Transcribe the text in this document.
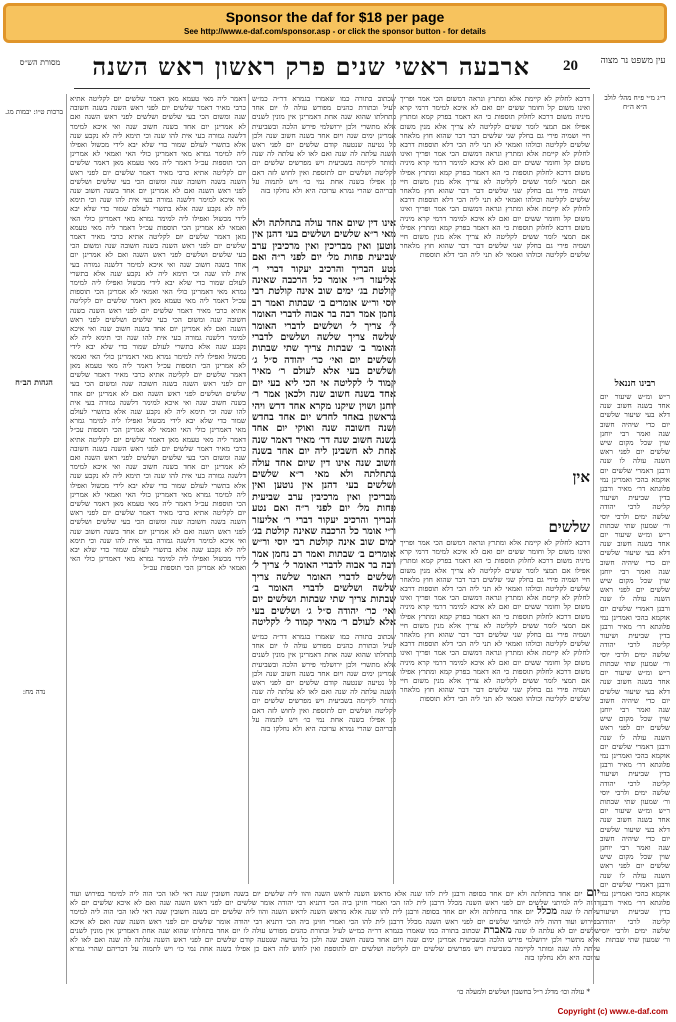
Sponsor the daf for $18 per page
See http://www.e-daf.com/sponsor.asp - or click the sponsor button - for details
עין משפט נר מצוה
20
ארבעה ראשי שנים פרק ראשון ראש השנה
מסורת הש״ס
ר״ג מ״י פ״ח מהל׳ לולב ה״א ה״ח
רבינו חננאל
ר״ש ומ״ש שיעור יום אחד בשנה חשוב שנה דלא בעי שיעור שלשים יום כדי שיהיה חשוב שנה ואמר רבי יוחנן שוין שכל מקום שיש שלשים יום לפני ראש השנה עולה לו שנה ורבנן דאמרי שלשים יום אוקמא בהכי ואמרינן נמי פלוגתא דר׳ מאיר ורבנן בדין שביעית ושיעור קליטה לרבי יהודה שלשה ימים ולרבי יוסי ור׳ שמעון שתי שבתות ר״ש ומ״ש שיעור יום אחד בשנה חשוב שנה דלא בעי שיעור שלשים יום כדי שיהיה חשוב שנה ואמר רבי יוחנן שוין שכל מקום שיש שלשים יום לפני ראש השנה עולה לו שנה ורבנן דאמרי שלשים יום אוקמא בהכי ואמרינן נמי פלוגתא דר׳ מאיר ורבנן בדין שביעית ושיעור קליטה לרבי יהודה שלשה ימים ולרבי יוסי ור׳ שמעון שתי שבתות ר״ש ומ״ש שיעור יום אחד בשנה חשוב שנה דלא בעי שיעור שלשים יום כדי שיהיה חשוב שנה ואמר רבי יוחנן שוין שכל מקום שיש שלשים יום לפני ראש השנה עולה לו שנה ורבנן דאמרי שלשים יום אוקמא בהכי ואמרינן נמי פלוגתא דר׳ מאיר ורבנן בדין שביעית ושיעור קליטה לרבי יהודה שלשה ימים ולרבי יוסי ור׳ שמעון שתי שבתות ר״ש ומ״ש שיעור יום אחד בשנה חשוב שנה דלא בעי שיעור שלשים יום כדי שיהיה חשוב שנה ואמר רבי יוחנן שוין שכל מקום שיש שלשים יום לפני ראש השנה עולה לו שנה ורבנן דאמרי שלשים יום אוקמא בהכי ואמרינן נמי פלוגתא דר׳ מאיר ורבנן בדין שביעית ושיעור קליטה לרבי יהודה שלשה ימים ולרבי יוסי ור׳ שמעון שתי שבתות
ברכות ט״ו: יבמות מג.
הגהות הב״ח
נדה מח:
דרבא לחלוק לא קיימת אלא ומתרץ ונראה דמשום הכי אמר ופריך ואינו משום קל וחומר ששים יום ואם לא איכא למימר דרמי קרא מיניה משום דרכא לחלוק תוספות כי הא דאמר בפרק קמא ומתרץ אפילו אם תמצי לומר ששים לקליטה לא צריך אלא מנין משום חיי ושמיה פירי גם בחלק שני שלשים דבר דבר שהוא חוץ מלאחר שלשים לקליטה וכולהו ואמאי לא תני ליה הכי דלא תוספות דרבא לחלוק לא קיימת אלא ומתרץ ונראה דמשום הכי אמר ופריך ואינו משום קל וחומר ששים יום ואם לא איכא למימר דרמי קרא מיניה משום דרכא לחלוק תוספות כי הא דאמר בפרק קמא ומתרץ אפילו אם תמצי לומר ששים לקליטה לא צריך אלא מנין משום חיי ושמיה פירי גם בחלק שני שלשים דבר דבר שהוא חוץ מלאחר שלשים לקליטה וכולהו ואמאי לא תני ליה הכי דלא תוספות דרבא לחלוק לא קיימת אלא ומתרץ ונראה דמשום הכי אמר ופריך ואינו משום קל וחומר ששים יום ואם לא איכא למימר דרמי קרא מיניה משום דרכא לחלוק תוספות כי הא דאמר בפרק קמא ומתרץ אפילו אם תמצי לומר ששים לקליטה לא צריך אלא מנין משום חיי ושמיה פירי גם בחלק שני שלשים דבר דבר שהוא חוץ מלאחר שלשים לקליטה וכולהו ואמאי לא תני ליה הכי דלא תוספות
אין
שלשים
דרבא לחלוק לא קיימת אלא ומתרץ ונראה דמשום הכי אמר ופריך ואינו משום קל וחומר ששים יום ואם לא איכא למימר דרמי קרא מיניה משום דרכא לחלוק תוספות כי הא דאמר בפרק קמא ומתרץ אפילו אם תמצי לומר ששים לקליטה לא צריך אלא מנין משום חיי ושמיה פירי גם בחלק שני שלשים דבר דבר שהוא חוץ מלאחר שלשים לקליטה וכולהו ואמאי לא תני ליה הכי דלא תוספות דרבא לחלוק לא קיימת אלא ומתרץ ונראה דמשום הכי אמר ופריך ואינו משום קל וחומר ששים יום ואם לא איכא למימר דרמי קרא מיניה משום דרכא לחלוק תוספות כי הא דאמר בפרק קמא ומתרץ אפילו אם תמצי לומר ששים לקליטה לא צריך אלא מנין משום חיי ושמיה פירי גם בחלק שני שלשים דבר דבר שהוא חוץ מלאחר שלשים לקליטה וכולהו ואמאי לא תני ליה הכי דלא תוספות דרבא לחלוק לא קיימת אלא ומתרץ ונראה דמשום הכי אמר ופריך ואינו משום קל וחומר ששים יום ואם לא איכא למימר דרמי קרא מיניה משום דרכא לחלוק תוספות כי הא דאמר בפרק קמא ומתרץ אפילו אם תמצי לומר ששים לקליטה לא צריך אלא מנין משום חיי ושמיה פירי גם בחלק שני שלשים דבר דבר שהוא חוץ מלאחר שלשים לקליטה וכולהו ואמאי לא תני ליה הכי דלא תוספות
דאמר ליה מאי טעמא מאן דאמר שלשים יום לקליטה אתיא כרבי מאיר דאמר שלשים יום לפני ראש השנה בשנה חשובה שנה ומשום הכי בעי שלשים ושלשים לפני ראש השנה ואם לא אמרינן יום אחד בשנה חשוב שנה ואי איכא למימר דלשנה גמורה בעי אית להו שנה וכי תימא ליה לא נקבע שנה אלא בתשרי לעולם שמור כדי שלא יבא לידי מכשול ואפילו ליה למימר גמרא מאי דאמרינן כולי האי ואמאי לא אמרינן הכי תוספות עכ״ל דאמר ליה מאי טעמא מאן דאמר שלשים יום לקליטה אתיא כרבי מאיר דאמר שלשים יום לפני ראש השנה בשנה חשובה שנה ומשום הכי בעי שלשים ושלשים לפני ראש השנה ואם לא אמרינן יום אחד בשנה חשוב שנה ואי איכא למימר דלשנה גמורה בעי אית להו שנה וכי תימא ליה לא נקבע שנה אלא בתשרי לעולם שמור כדי שלא יבא לידי מכשול ואפילו ליה למימר גמרא מאי דאמרינן כולי האי ואמאי לא אמרינן הכי תוספות עכ״ל דאמר ליה מאי טעמא מאן דאמר שלשים יום לקליטה אתיא כרבי מאיר דאמר שלשים יום לפני ראש השנה בשנה חשובה שנה ומשום הכי בעי שלשים ושלשים לפני ראש השנה ואם לא אמרינן יום אחד בשנה חשוב שנה ואי איכא למימר דלשנה גמורה בעי אית להו שנה וכי תימא ליה לא נקבע שנה אלא בתשרי לעולם שמור כדי שלא יבא לידי מכשול ואפילו ליה למימר גמרא מאי דאמרינן כולי האי ואמאי לא אמרינן הכי תוספות עכ״ל דאמר ליה מאי טעמא מאן דאמר שלשים יום לקליטה אתיא כרבי מאיר דאמר שלשים יום לפני ראש השנה בשנה חשובה שנה ומשום הכי בעי שלשים ושלשים לפני ראש השנה ואם לא אמרינן יום אחד בשנה חשוב שנה ואי איכא למימר דלשנה גמורה בעי אית להו שנה וכי תימא ליה לא נקבע שנה אלא בתשרי לעולם שמור כדי שלא יבא לידי מכשול ואפילו ליה למימר גמרא מאי דאמרינן כולי האי ואמאי לא אמרינן הכי תוספות עכ״ל דאמר ליה מאי טעמא מאן דאמר שלשים יום לקליטה אתיא כרבי מאיר דאמר שלשים יום לפני ראש השנה בשנה חשובה שנה ומשום הכי בעי שלשים ושלשים לפני ראש השנה ואם לא אמרינן יום אחד בשנה חשוב שנה ואי איכא למימר דלשנה גמורה בעי אית להו שנה וכי תימא ליה לא נקבע שנה אלא בתשרי לעולם שמור כדי שלא יבא לידי מכשול ואפילו ליה למימר גמרא מאי דאמרינן כולי האי ואמאי לא אמרינן הכי תוספות עכ״ל דאמר ליה מאי טעמא מאן דאמר שלשים יום לקליטה אתיא כרבי מאיר דאמר שלשים יום לפני ראש השנה בשנה חשובה שנה ומשום הכי בעי שלשים ושלשים לפני ראש השנה ואם לא אמרינן יום אחד בשנה חשוב שנה ואי איכא למימר דלשנה גמורה בעי אית להו שנה וכי תימא ליה לא נקבע שנה אלא בתשרי לעולם שמור כדי שלא יבא לידי מכשול ואפילו ליה למימר גמרא מאי דאמרינן כולי האי ואמאי לא אמרינן הכי תוספות עכ״ל דאמר ליה מאי טעמא מאן דאמר שלשים יום לקליטה אתיא כרבי מאיר דאמר שלשים יום לפני ראש השנה בשנה חשובה שנה ומשום הכי בעי שלשים ושלשים לפני ראש השנה ואם לא אמרינן יום אחד בשנה חשוב שנה ואי איכא למימר דלשנה גמורה בעי אית להו שנה וכי תימא ליה לא נקבע שנה אלא בתשרי לעולם שמור כדי שלא יבא לידי מכשול ואפילו ליה למימר גמרא מאי דאמרינן כולי האי ואמאי לא אמרינן הכי תוספות עכ״ל
שכתוב בתורה כמו שאמרו בגמרא דר״ה כמ״ש לעיל ובתורת כהנים מפורש עולה לו יום אחד בתחלתו שהוא שנה אחת דאמרינן אין מונין לשנים אלא מתשרי ולכן ירושלמי פירש הלכה ובשביעית אמרינן ימים שנה ויום אחד בשנה חשוב שנה ולכן כל נטיעה שנטעה קודם שלשים יום לפני ראש השנה עלתה לה שנה ואם לאו לא עלתה לה שנה ומותר לקיימה בשביעית ויש מפרשים שלשים יום לקליטה ושלשים יום לתוספת ואין לחוש לזה דאם כן אפילו בשנה אחת נמי כו׳ ויש לתמוה על דבריהם שהרי גמרא ערוכה היא ולא נחלקו בזה
אינו דין שיום אחד עולה בתחלתה ולא מאי ר״א שלשים ושלשים בעי דהנן אין נוטען ואין מבריכין ואין מרכיבין ערב שביעית פחות מל׳ יום לפני ר״ה ואם נטע הבריך והרכיב יעקור דברי ר׳ אליעזר ר״י אומר כל הרכבה שאינה קולטת בג׳ ימים שוב אינה קולטת רבי יוסי ור״ש אומרים ב׳ שבתות ואמר רב נחמן אמר רבה בר אבוה לדברי האומר ל׳ צריך ל׳ ושלשים לדברי האומר שלשה צריך שלשה ושלשים לדברי האומר ב׳ שבתות צריך שתי שבתות ושלשים יום ואי׳ כר׳ יהודה ס״ל ג׳ ושלשים בעי אלא לעולם ר׳ מאיר קמוד ל׳ לקליטה אי הכי ליא בעי יום אחד בשנה חשוב שנה ולכאן אמר ר׳ יוחנן ושוין שיקנו מקרא אחד דרש ויהי בראשון באחד לחדש יום אחד בחדש ושנה חשובה שנה ואוקי יום אחד בשנה חשוב שנה דר׳ מאיר דאמר שנה אחת לא חשבינן ליה יום אחד בשנה חשוב שנה אינו דין שיום אחד עולה בתחלתה ולא מאי ר״א שלשים ושלשים בעי דהנן אין נוטען ואין מבריכין ואין מרכיבין ערב שביעית פחות מל׳ יום לפני ר״ה ואם נטע הבריך והרכיב יעקור דברי ר׳ אליעזר ר״י אומר כל הרכבה שאינה קולטת בג׳ ימים שוב אינה קולטת רבי יוסי ור״ש אומרים ב׳ שבתות ואמר רב נחמן אמר רבה בר אבוה לדברי האומר ל׳ צריך ל׳ ושלשים לדברי האומר שלשה צריך שלשה ושלשים לדברי האומר ב׳ שבתות צריך שתי שבתות ושלשים יום ואי׳ כר׳ יהודה ס״ל ג׳ ושלשים בעי אלא לעולם ר׳ מאיר קמוד ל׳ לקליטה
יום יום אחד בתחלתה ולא יום אחד בסופה ורבנן לית להו שנה אלא מראש השנה לראש השנה והוו ליה שלשים יום בשנה חשובין שנה דאי לאו הכי הוה ליה למימר בפירוש ועוד דהוה ליה למיתני שלשים יום לפני ראש השנה מכלל דרבנן לית להו הכי ואמרי חזינן ביה הכי דתניא רבי יהודה אומר שלשים יום לפני ראש השנה שנה ואם לא איכא שלשים יום לא עלתה לו שנה מכלל יום אחד בתחלתה ולא יום אחד בסופה ורבנן לית להו שנה אלא מראש השנה לראש השנה והוו ליה שלשים יום בשנה חשובין שנה דאי לאו הכי הוה ליה למימר בפירוש ועוד דהוה ליה למיתני שלשים יום לפני ראש השנה מכלל דרבנן לית להו הכי ואמרי חזינן ביה הכי דתניא רבי יהודה אומר שלשים יום לפני ראש השנה שנה ואם לא איכא שלשים יום לא עלתה לו שנה מאברת שכתוב בתורה כמו שאמרו בגמרא דר״ה כמ״ש לעיל ובתורת כהנים מפורש עולה לו יום אחד בתחלתו שהוא שנה אחת דאמרינן אין מונין לשנים אלא מתשרי ולכן ירושלמי פירש הלכה ובשביעית אמרינן ימים שנה ויום אחד בשנה חשוב שנה ולכן כל נטיעה שנטעה קודם שלשים יום לפני ראש השנה עלתה לה שנה ואם לאו לא עלתה לה שנה ומותר לקיימה בשביעית ויש מפרשים שלשים יום לקליטה ושלשים יום לתוספת ואין לחוש לזה דאם כן אפילו בשנה אחת נמי כו׳ ויש לתמוה על דבריהם שהרי גמרא ערוכה היא ולא נחלקו בזה
שכתוב בתורה כמו שאמרו בגמרא דר״ה כמ״ש לעיל ובתורת כהנים מפורש עולה לו יום אחד בתחלתו שהוא שנה אחת דאמרינן אין מונין לשנים אלא מתשרי ולכן ירושלמי פירש הלכה ובשביעית אמרינן ימים שנה ויום אחד בשנה חשוב שנה ולכן כל נטיעה שנטעה קודם שלשים יום לפני ראש השנה עלתה לה שנה ואם לאו לא עלתה לה שנה ומותר לקיימה בשביעית ויש מפרשים שלשים יום לקליטה ושלשים יום לתוספת ואין לחוש לזה דאם כן אפילו בשנה אחת נמי כו׳ ויש לתמוה על דבריהם שהרי גמרא ערוכה היא ולא נחלקו בזה
* עולה וכו׳ מדלג ר״ל בחשבון ושלשים ולמעלה כו׳
Copyright (c) www.e-daf.com
